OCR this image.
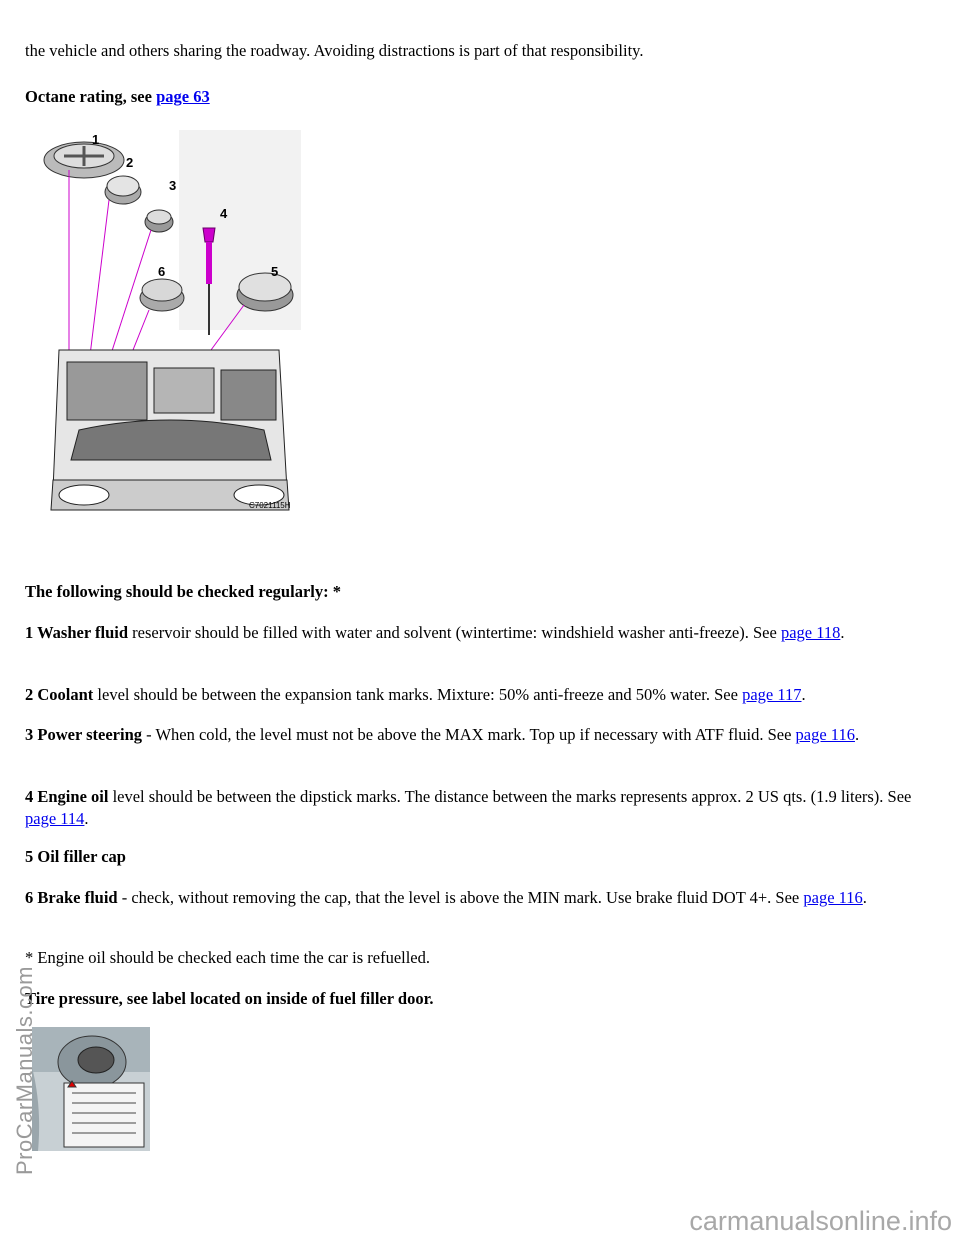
the vehicle and others sharing the roadway. Avoiding distractions is part of that responsibility.

Octane rating, see page 63

1
2
3
4
5
6
C7021115H

The following should be checked regularly: *

1 Washer fluid reservoir should be filled with water and solvent (wintertime: windshield washer anti-freeze). See page 118.

2 Coolant level should be between the expansion tank marks. Mixture: 50% anti-freeze and 50% water. See page 117.

3 Power steering - When cold, the level must not be above the MAX mark. Top up if necessary with ATF fluid. See page 116.

4 Engine oil level should be between the dipstick marks. The distance between the marks represents approx. 2 US qts. (1.9 liters). See page 114.

5 Oil filler cap

6 Brake fluid - check, without removing the cap, that the level is above the MIN mark. Use brake fluid DOT 4+. See page 116.

* Engine oil should be checked each time the car is refuelled.

Tire pressure, see label located on inside of fuel filler door.

ProCarManuals.com
carmanualsonline.info
